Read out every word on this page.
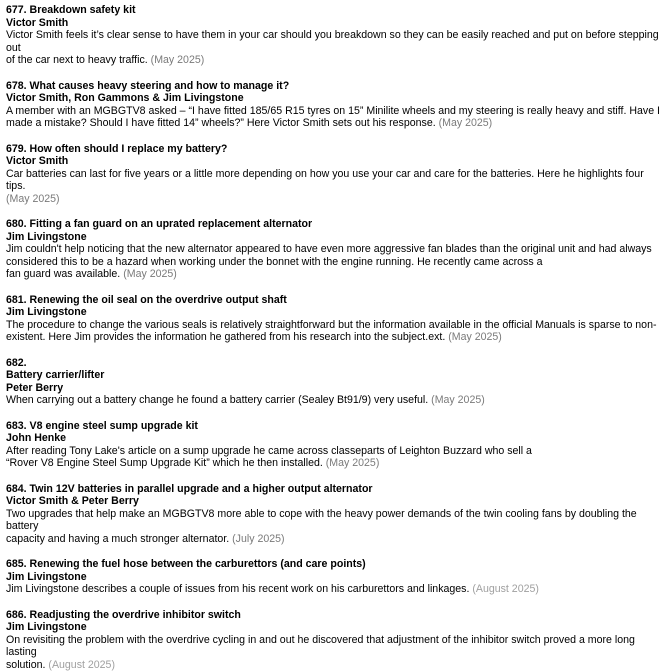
677. Breakdown safety kit
Victor Smith
Victor Smith feels it’s clear sense to have them in your car should you breakdown so they can be easily reached and put on before stepping out
of the car next to heavy traffic. (May 2025)
678. What causes heavy steering and how to manage it?
Victor Smith, Ron Gammons & Jim Livingstone
A member with an MGBGTV8 asked – “I have fitted 185/65 R15 tyres on 15” Minilite wheels and my steering is really heavy and stiff. Have I
made a mistake? Should I have fitted 14” wheels?” Here Victor Smith sets out his response. (May 2025)
679. How often should I replace my battery?
Victor Smith
Car batteries can last for five years or a little more depending on how you use your car and care for the batteries. Here he highlights four tips.
(May 2025)
680. Fitting a fan guard on an uprated replacement alternator
Jim Livingstone
Jim couldn't help noticing that the new alternator appeared to have even more aggressive fan blades than the original unit and had always
considered this to be a hazard when working under the bonnet with the engine running. He recently came across a
fan guard was available. (May 2025)
681. Renewing the oil seal on the overdrive output shaft
Jim Livingstone
The procedure to change the various seals is relatively straightforward but the information available in the official Manuals is sparse to non-
existent. Here Jim provides the information he gathered from his research into the subject.ext. (May 2025)
682.
Battery carrier/lifter
Peter Berry
When carrying out a battery change he found a battery carrier (Sealey Bt91/9) very useful. (May 2025)
683. V8 engine steel sump upgrade kit
John Henke
After reading Tony Lake's article on a sump upgrade he came across classeparts of Leighton Buzzard who sell a
“Rover V8 Engine Steel Sump Upgrade Kit” which he then installed. (May 2025)
684. Twin 12V batteries in parallel upgrade and a higher output alternator
Victor Smith & Peter Berry
Two upgrades that help make an MGBGTV8 more able to cope with the heavy power demands of the twin cooling fans by doubling the battery
capacity and having a much stronger alternator. (July 2025)
685. Renewing the fuel hose between the carburettors (and care points)
Jim Livingstone
Jim Livingstone describes a couple of issues from his recent work on his carburettors and linkages. (August 2025)
686. Readjusting the overdrive inhibitor switch
Jim Livingstone
On revisiting the problem with the overdrive cycling in and out he discovered that adjustment of the inhibitor switch proved a more long lasting
solution. (August 2025)
